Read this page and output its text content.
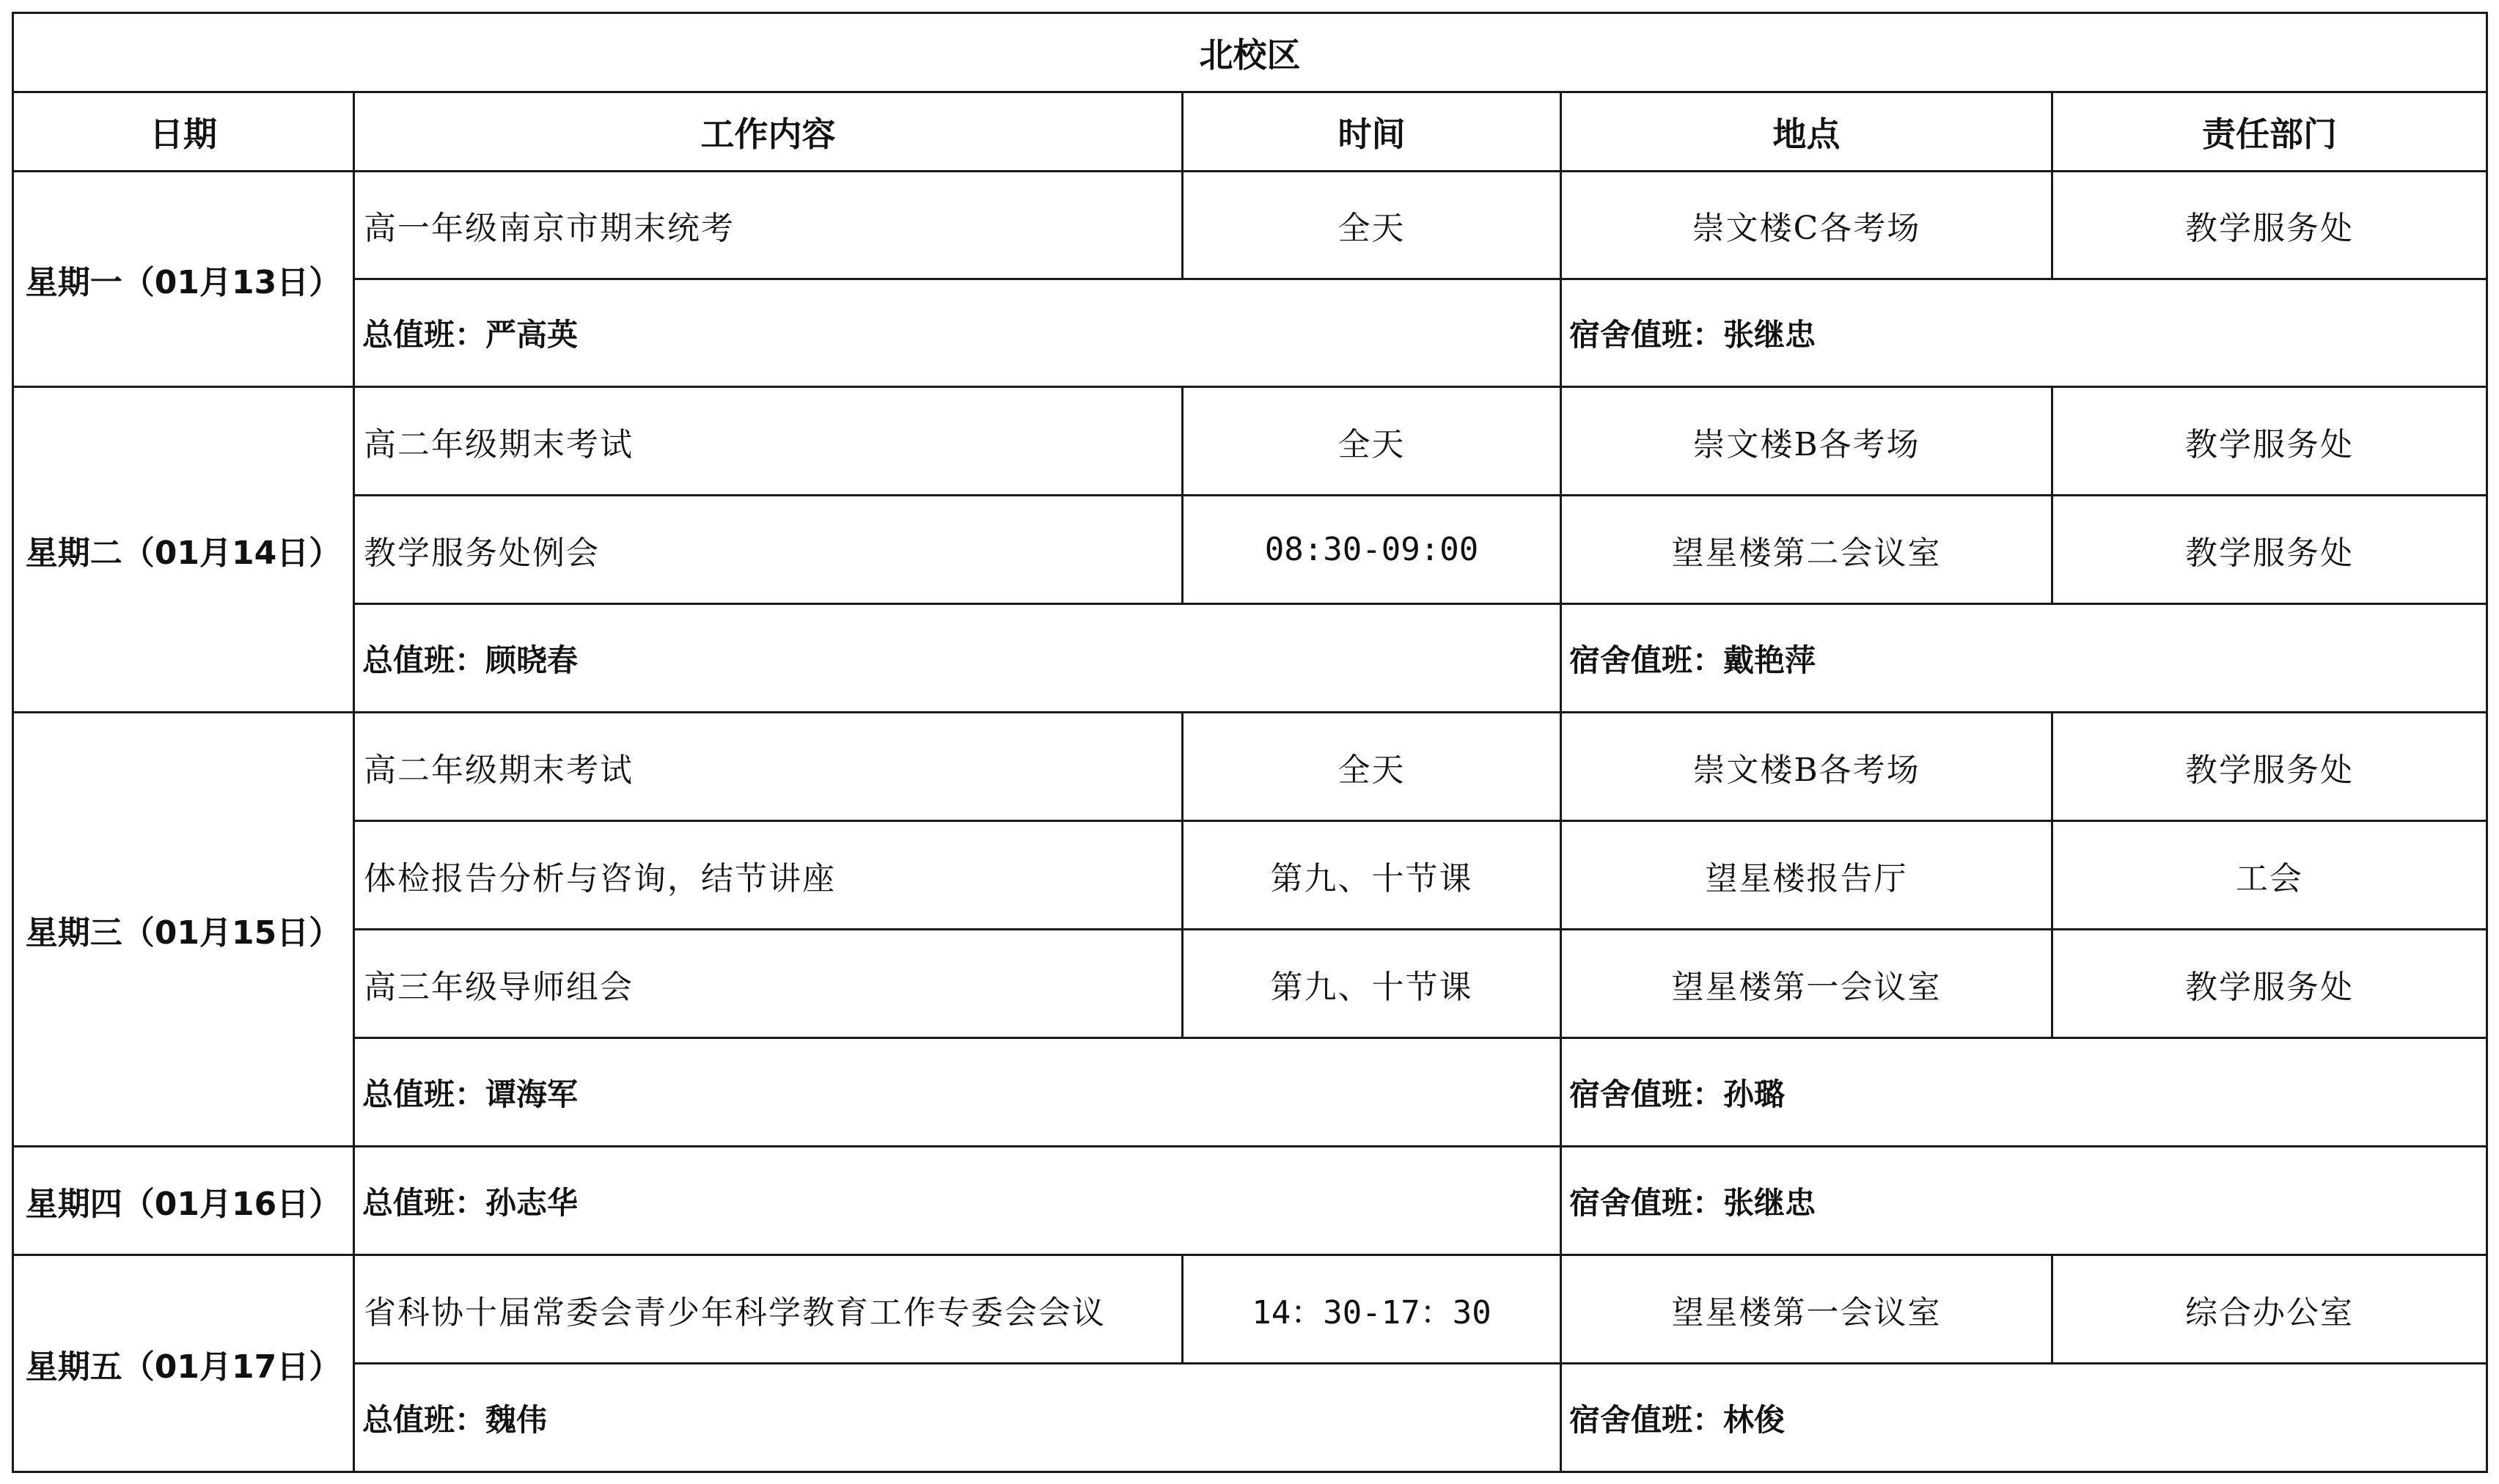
北校区				
日期	工作内容	时间	地点	责任部门
星期一（01月13日）	高一年级南京市期末统考	全天	崇文楼C各考场	教学服务处
	总值班：严高英		宿舍值班：张继忠	
星期二（01月14日）	高二年级期末考试	全天	崇文楼B各考场	教学服务处
	教学服务处例会	08:30-09:00	望星楼第二会议室	教学服务处
	总值班：顾晓春		宿舍值班：戴艳萍	
星期三（01月15日）	高二年级期末考试	全天	崇文楼B各考场	教学服务处
	体检报告分析与咨询，结节讲座	第九、十节课	望星楼报告厅	工会
	高三年级导师组会	第九、十节课	望星楼第一会议室	教学服务处
	总值班：谭海军		宿舍值班：孙璐	
星期四（01月16日）	总值班：孙志华		宿舍值班：张继忠	
星期五（01月17日）	省科协十届常委会青少年科学教育工作专委会会议	14：30-17：30	望星楼第一会议室	综合办公室
	总值班：魏伟		宿舍值班：林俊	
